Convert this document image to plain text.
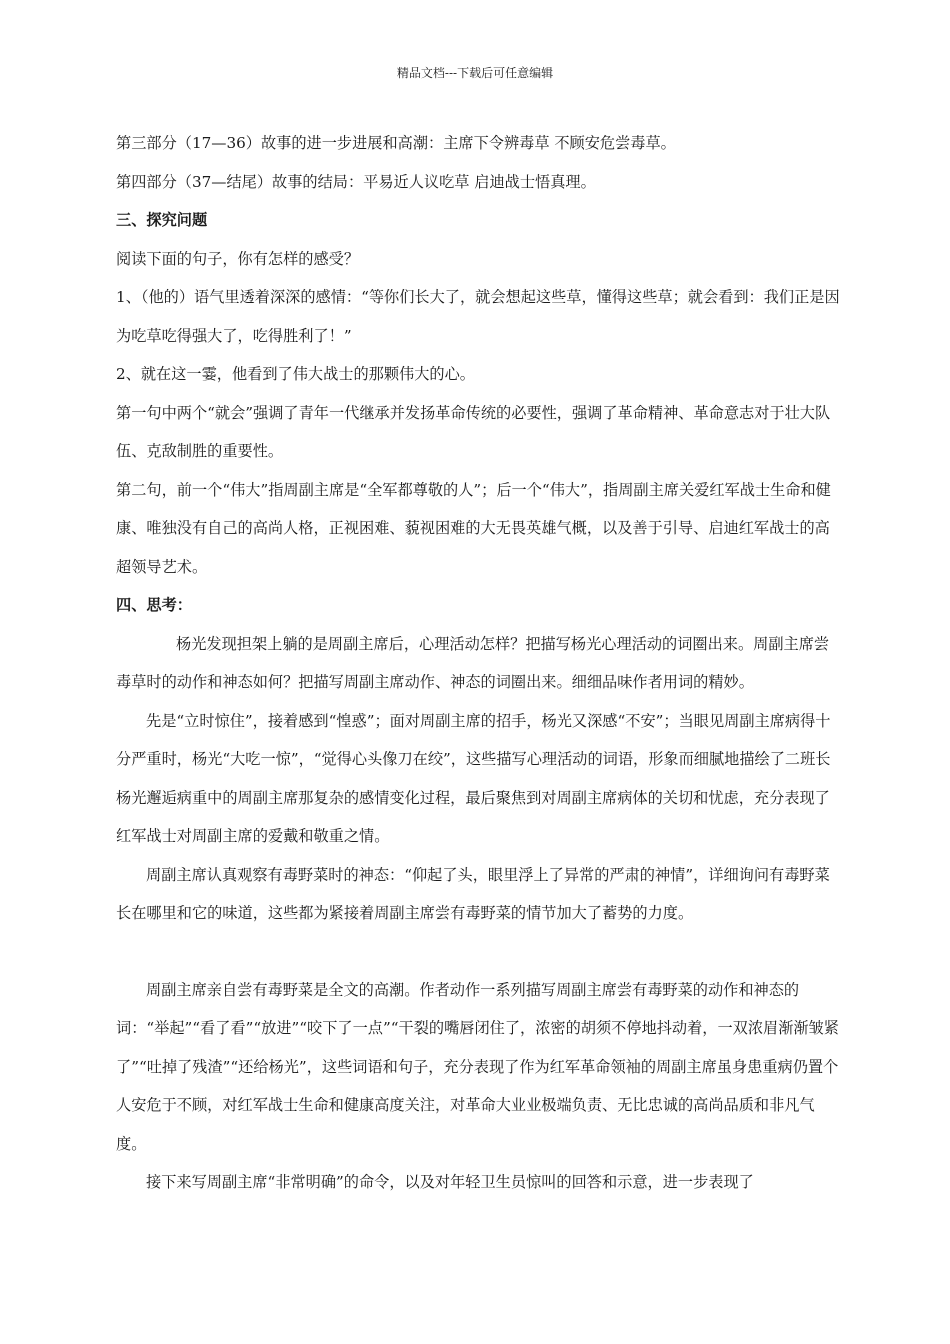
精品文档---下载后可任意编辑

第三部分（17—36）故事的进一步进展和高潮：主席下令辨毒草 不顾安危尝毒草。

第四部分（37—结尾）故事的结局：平易近人议吃草 启迪战士悟真理。

三、探究问题

阅读下面的句子，你有怎样的感受？

1、（他的）语气里透着深深的感情：“等你们长大了，就会想起这些草，懂得这些草；就会看到：我们正是因为吃草吃得强大了，吃得胜利了！”

2、就在这一霎，他看到了伟大战士的那颗伟大的心。

第一句中两个“就会”强调了青年一代继承并发扬革命传统的必要性，强调了革命精神、革命意志对于壮大队伍、克敌制胜的重要性。

第二句，前一个“伟大”指周副主席是“全军都尊敬的人”；后一个“伟大”，指周副主席关爱红军战士生命和健康、唯独没有自己的高尚人格，正视困难、藐视困难的大无畏英雄气概，以及善于引导、启迪红军战士的高超领导艺术。

四、思考：

杨光发现担架上躺的是周副主席后，心理活动怎样？把描写杨光心理活动的词圈出来。周副主席尝毒草时的动作和神态如何？把描写周副主席动作、神态的词圈出来。细细品味作者用词的精妙。

先是“立时惊住”，接着感到“惶惑”；面对周副主席的招手，杨光又深感“不安”；当眼见周副主席病得十分严重时，杨光“大吃一惊”，“觉得心头像刀在绞”，这些描写心理活动的词语，形象而细腻地描绘了二班长杨光邂逅病重中的周副主席那复杂的感情变化过程，最后聚焦到对周副主席病体的关切和忧虑，充分表现了红军战士对周副主席的爱戴和敬重之情。

周副主席认真观察有毒野菜时的神态：“仰起了头，眼里浮上了异常的严肃的神情”，详细询问有毒野菜长在哪里和它的味道，这些都为紧接着周副主席尝有毒野菜的情节加大了蓄势的力度。

周副主席亲自尝有毒野菜是全文的高潮。作者动作一系列描写周副主席尝有毒野菜的动作和神态的词：“举起”“看了看”“放进”“咬下了一点”“干裂的嘴唇闭住了，浓密的胡须不停地抖动着，一双浓眉渐渐皱紧了”“吐掉了残渣”“还给杨光”，这些词语和句子，充分表现了作为红军革命领袖的周副主席虽身患重病仍置个人安危于不顾，对红军战士生命和健康高度关注，对革命大业业极端负责、无比忠诚的高尚品质和非凡气度。

接下来写周副主席“非常明确”的命令，以及对年轻卫生员惊叫的回答和示意，进一步表现了
